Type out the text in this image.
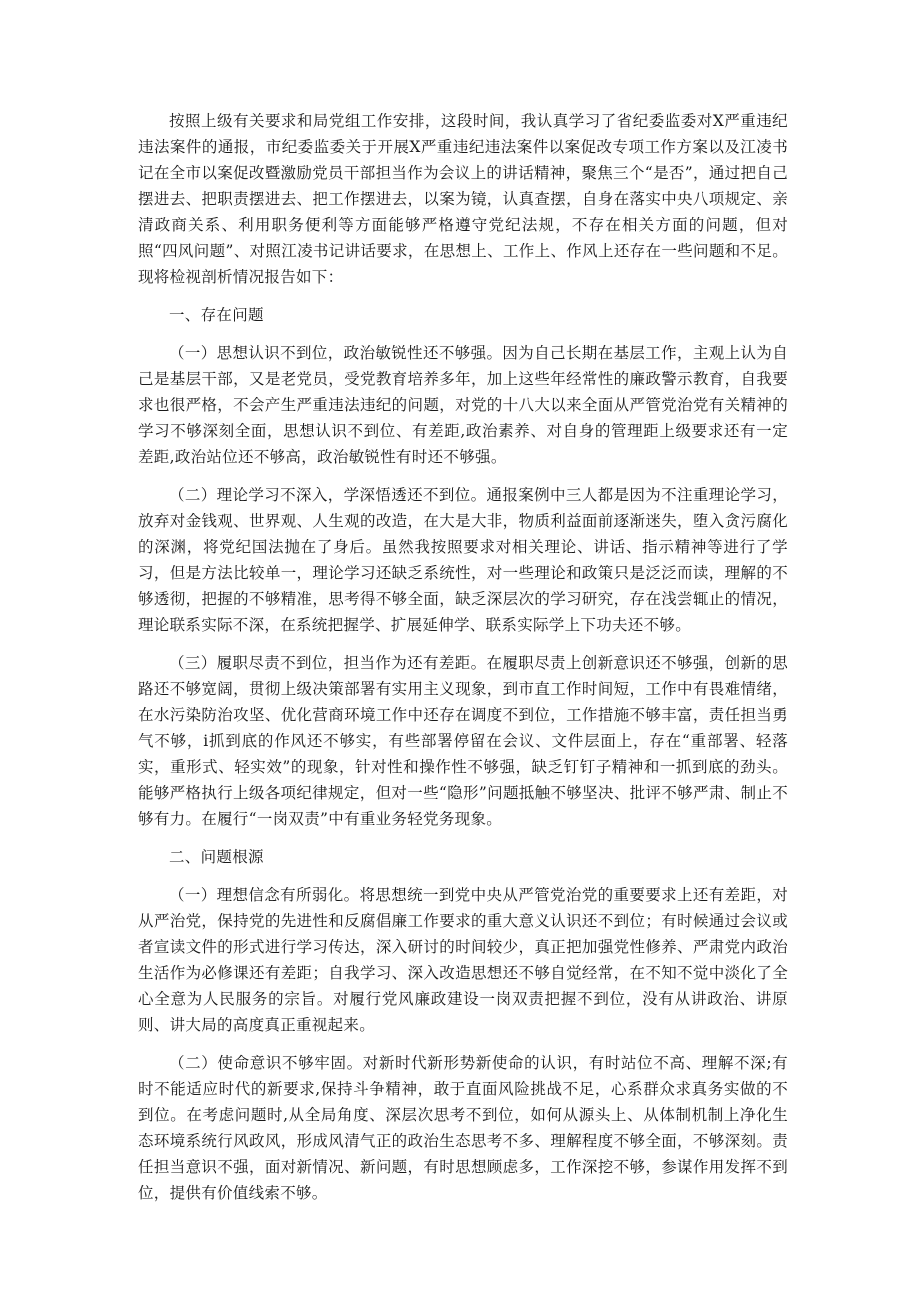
按照上级有关要求和局党组工作安排，这段时间，我认真学习了省纪委监委对X严重违纪违法案件的通报，市纪委监委关于开展X严重违纪违法案件以案促改专项工作方案以及江凌书记在全市以案促改暨激励党员干部担当作为会议上的讲话精神，聚焦三个“是否”，通过把自己摆进去、把职责摆进去、把工作摆进去，以案为镜，认真查摆，自身在落实中央八项规定、亲清政商关系、利用职务便利等方面能够严格遵守党纪法规，不存在相关方面的问题，但对照“四风问题”、对照江凌书记讲话要求，在思想上、工作上、作风上还存在一些问题和不足。现将检视剖析情况报告如下：

一、存在问题

（一）思想认识不到位，政治敏锐性还不够强。因为自己长期在基层工作，主观上认为自己是基层干部，又是老党员，受党教育培养多年，加上这些年经常性的廉政警示教育，自我要求也很严格，不会产生严重违法违纪的问题，对党的十八大以来全面从严管党治党有关精神的学习不够深刻全面，思想认识不到位、有差距,政治素养、对自身的管理距上级要求还有一定差距,政治站位还不够高，政治敏锐性有时还不够强。

（二）理论学习不深入，学深悟透还不到位。通报案例中三人都是因为不注重理论学习，放弃对金钱观、世界观、人生观的改造，在大是大非，物质利益面前逐渐迷失，堕入贪污腐化的深渊，将党纪国法抛在了身后。虽然我按照要求对相关理论、讲话、指示精神等进行了学习，但是方法比较单一，理论学习还缺乏系统性，对一些理论和政策只是泛泛而读，理解的不够透彻，把握的不够精准，思考得不够全面，缺乏深层次的学习研究，存在浅尝辄止的情况，理论联系实际不深，在系统把握学、扩展延伸学、联系实际学上下功夫还不够。

（三）履职尽责不到位，担当作为还有差距。在履职尽责上创新意识还不够强，创新的思路还不够宽阔，贯彻上级决策部署有实用主义现象，到市直工作时间短，工作中有畏难情绪，在水污染防治攻坚、优化营商环境工作中还存在调度不到位，工作措施不够丰富，责任担当勇气不够，i抓到底的作风还不够实，有些部署停留在会议、文件层面上，存在“重部署、轻落实，重形式、轻实效”的现象，针对性和操作性不够强，缺乏钉钉子精神和一抓到底的劲头。能够严格执行上级各项纪律规定，但对一些“隐形”问题抵触不够坚决、批评不够严肃、制止不够有力。在履行“一岗双责”中有重业务轻党务现象。

二、问题根源

（一）理想信念有所弱化。将思想统一到党中央从严管党治党的重要要求上还有差距，对从严治党，保持党的先进性和反腐倡廉工作要求的重大意义认识还不到位；有时候通过会议或者宣读文件的形式进行学习传达，深入研讨的时间较少，真正把加强党性修养、严肃党内政治生活作为必修课还有差距；自我学习、深入改造思想还不够自觉经常，在不知不觉中淡化了全心全意为人民服务的宗旨。对履行党风廉政建设一岗双责把握不到位，没有从讲政治、讲原则、讲大局的高度真正重视起来。

（二）使命意识不够牢固。对新时代新形势新使命的认识，有时站位不高、理解不深;有时不能适应时代的新要求,保持斗争精神，敢于直面风险挑战不足，心系群众求真务实做的不到位。在考虑问题时,从全局角度、深层次思考不到位，如何从源头上、从体制机制上净化生态环境系统行风政风，形成风清气正的政治生态思考不多、理解程度不够全面，不够深刻。责任担当意识不强，面对新情况、新问题，有时思想顾虑多，工作深挖不够，参谋作用发挥不到位，提供有价值线索不够。
